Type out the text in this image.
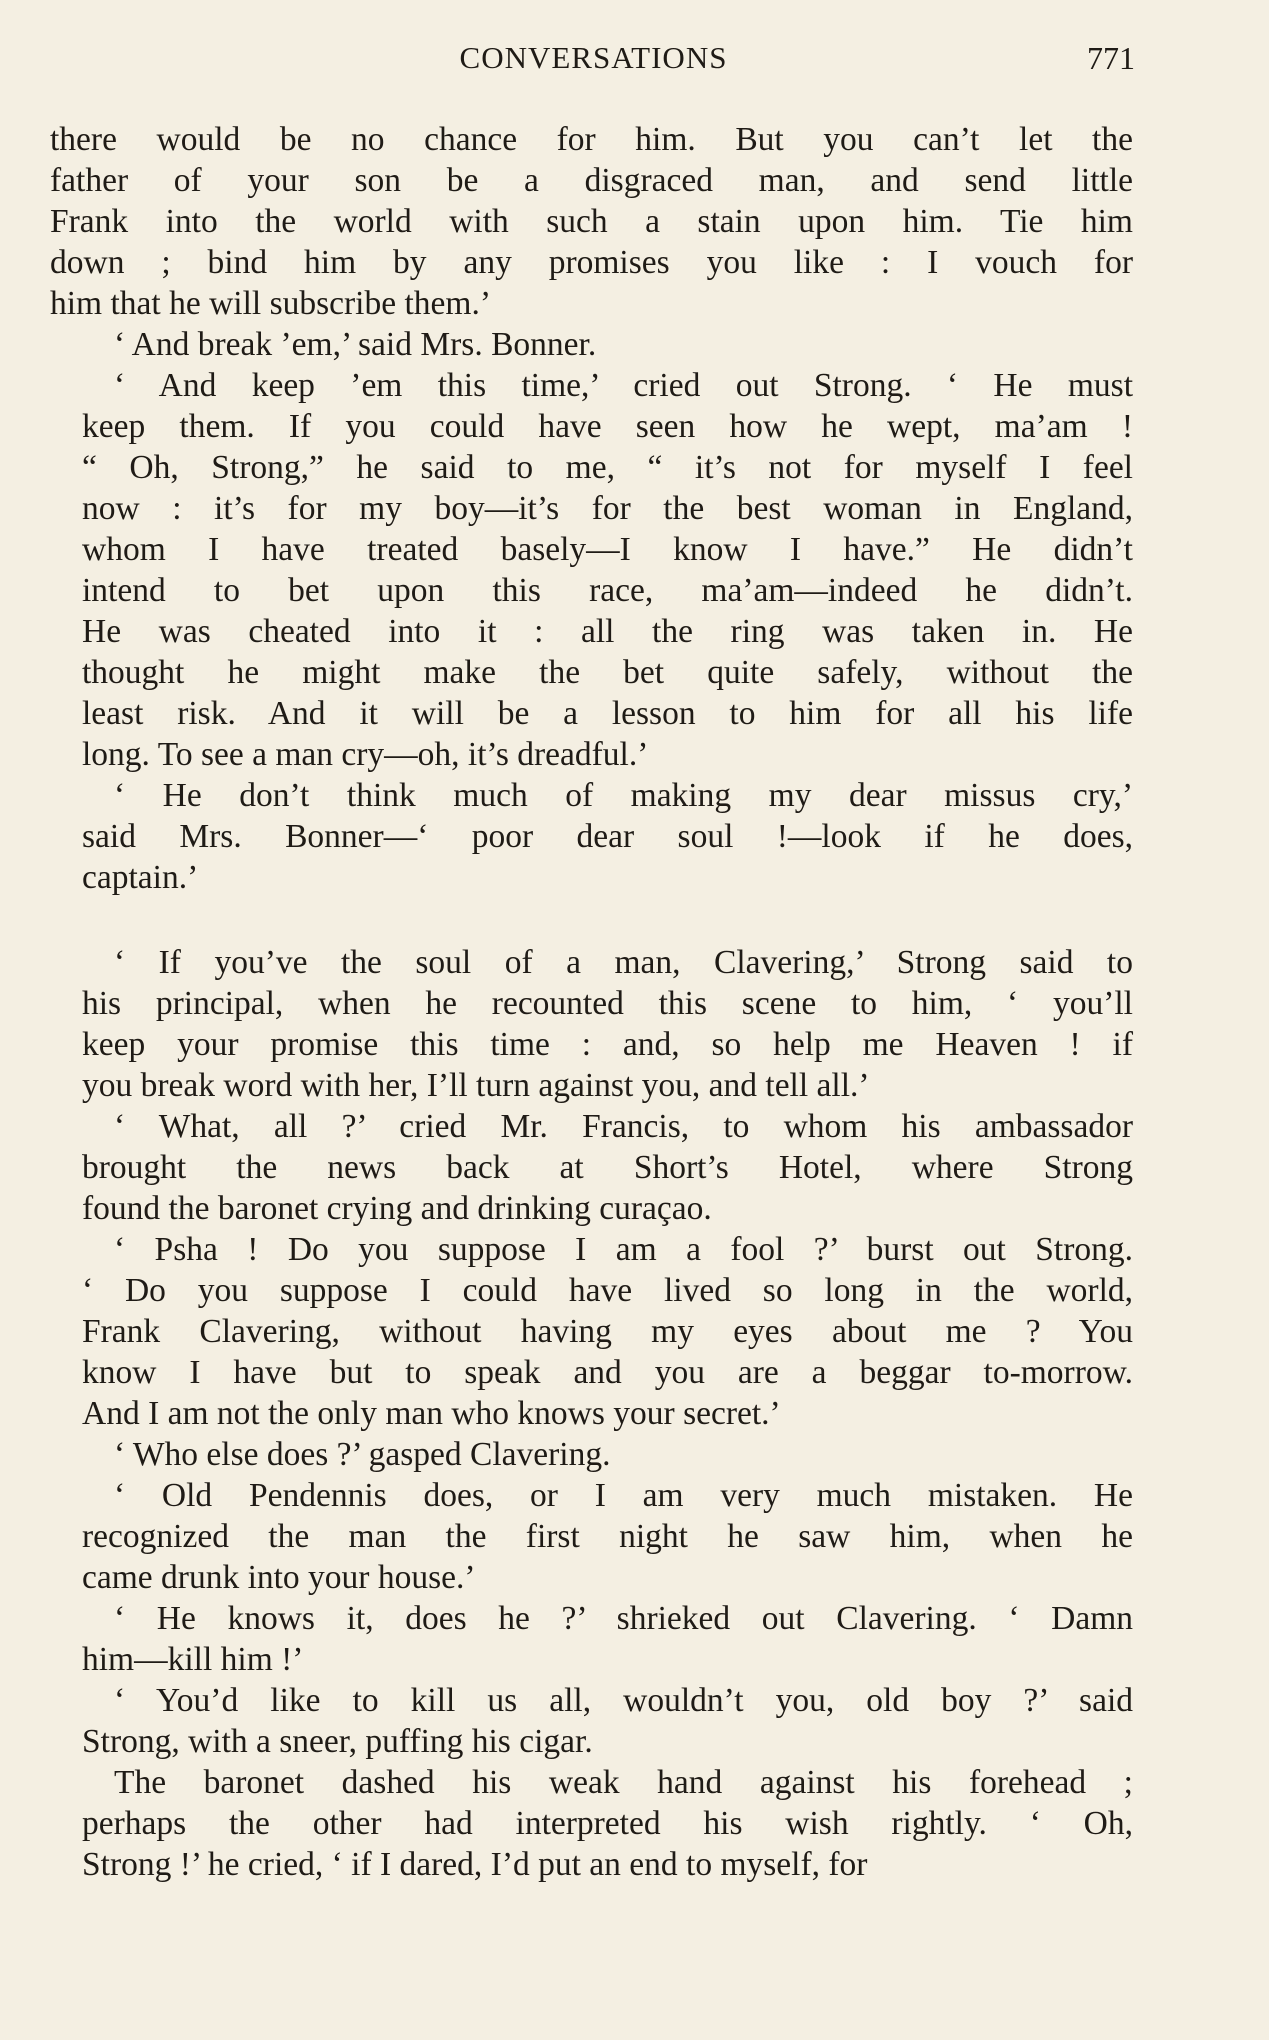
CONVERSATIONS	771
there would be no chance for him. But you can’t let the
father of your son be a disgraced man, and send little
Frank into the world with such a stain upon him. Tie him
down ; bind him by any promises you like : I vouch for
him that he will subscribe them.’
‘ And break ’em,’ said Mrs. Bonner.
‘ And keep ’em this time,’ cried out Strong. ‘ He must
keep them. If you could have seen how he wept, ma’am !
“ Oh, Strong,” he said to me, “ it’s not for myself I feel
now : it’s for my boy—it’s for the best woman in England,
whom I have treated basely—I know I have.” He didn’t
intend to bet upon this race, ma’am—indeed he didn’t.
He was cheated into it : all the ring was taken in. He
thought he might make the bet quite safely, without the
least risk. And it will be a lesson to him for all his life
long. To see a man cry—oh, it’s dreadful.’
‘ He don’t think much of making my dear missus cry,’
said Mrs. Bonner—‘ poor dear soul !—look if he does,
captain.’
‘ If you’ve the soul of a man, Clavering,’ Strong said to
his principal, when he recounted this scene to him, ‘ you’ll
keep your promise this time : and, so help me Heaven ! if
you break word with her, I’ll turn against you, and tell all.’
‘ What, all ?’ cried Mr. Francis, to whom his ambassador
brought the news back at Short’s Hotel, where Strong
found the baronet crying and drinking curaçao.
‘ Psha ! Do you suppose I am a fool ?’ burst out Strong.
‘ Do you suppose I could have lived so long in the world,
Frank Clavering, without having my eyes about me ? You
know I have but to speak and you are a beggar to-morrow.
And I am not the only man who knows your secret.’
‘ Who else does ?’ gasped Clavering.
‘ Old Pendennis does, or I am very much mistaken. He
recognized the man the first night he saw him, when he
came drunk into your house.’
‘ He knows it, does he ?’ shrieked out Clavering. ‘ Damn
him—kill him !’
‘ You’d like to kill us all, wouldn’t you, old boy ?’ said
Strong, with a sneer, puffing his cigar.
The baronet dashed his weak hand against his forehead ;
perhaps the other had interpreted his wish rightly. ‘ Oh,
Strong !’ he cried, ‘ if I dared, I’d put an end to myself, for
